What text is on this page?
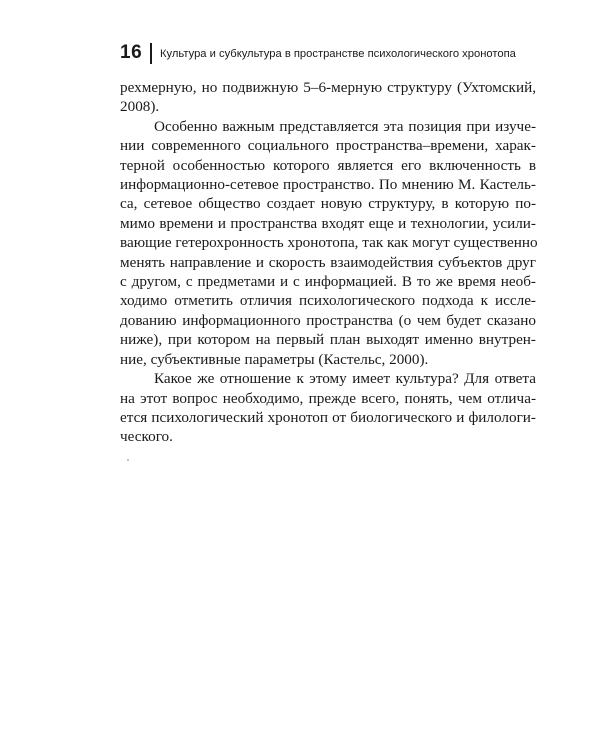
16 Культура и субкультура в пространстве психологического хронотопа

рехмерную, но подвижную 5–6-мерную структуру (Ухтомский,
2008).

Особенно важным представляется эта позиция при изуче-
нии современного социального пространства–времени, харак-
терной особенностью которого является его включенность в
информационно-сетевое пространство. По мнению М. Кастель-
са, сетевое общество создает новую структуру, в которую по-
мимо времени и пространства входят еще и технологии, усили-
вающие гетерохронность хронотопа, так как могут существенно
менять направление и скорость взаимодействия субъектов друг
с другом, с предметами и с информацией. В то же время необ-
ходимо отметить отличия психологического подхода к иссле-
дованию информационного пространства (о чем будет сказано
ниже), при котором на первый план выходят именно внутрен-
ние, субъективные параметры (Кастельс, 2000).

Какое же отношение к этому имеет культура? Для ответа
на этот вопрос необходимо, прежде всего, понять, чем отлича-
ется психологический хронотоп от биологического и филологи-
ческого.
